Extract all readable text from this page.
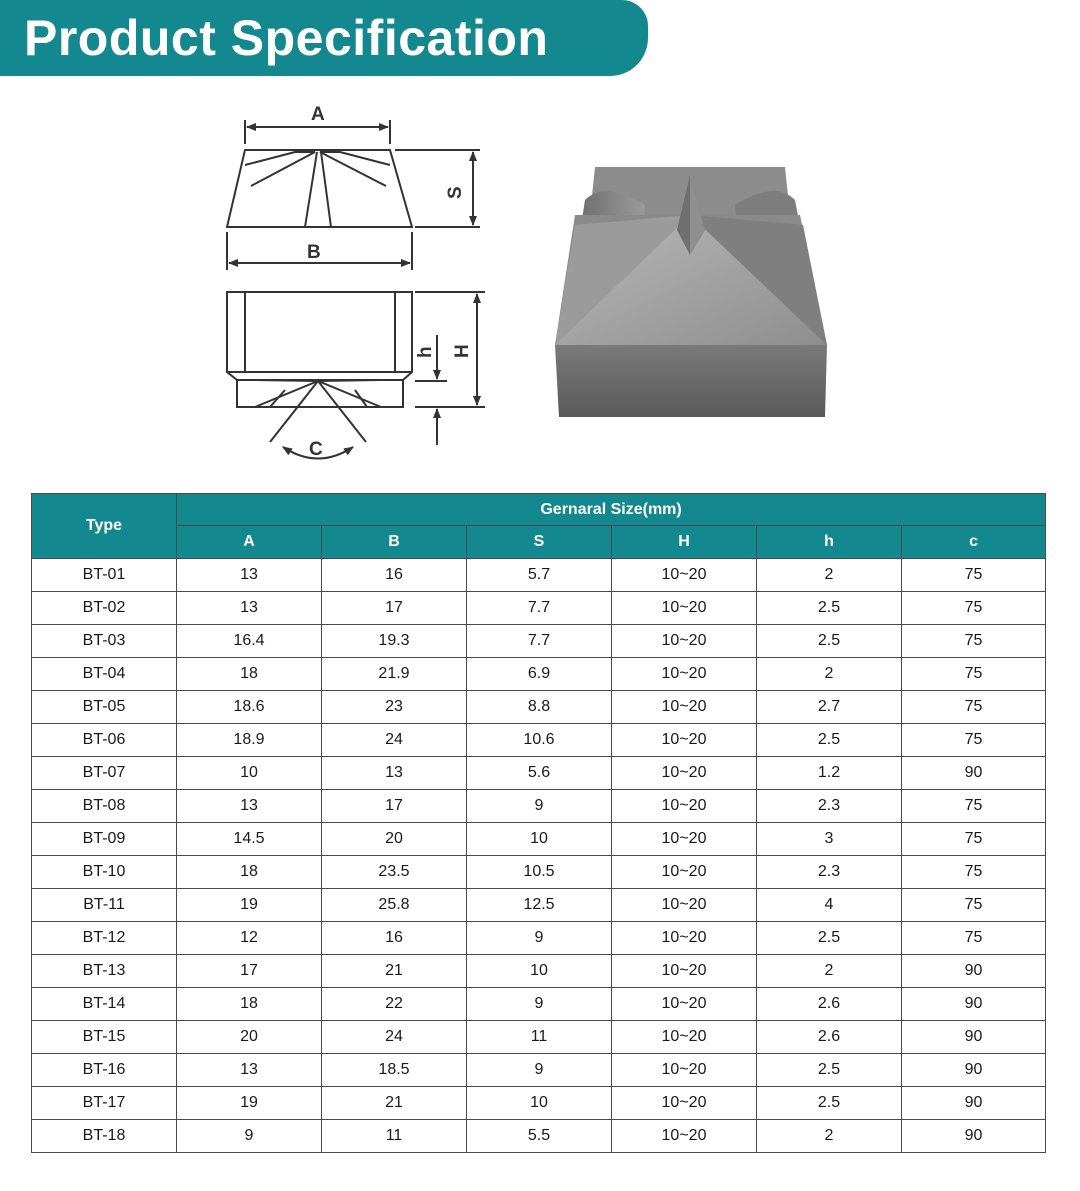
Product Specification
A
B
S
H
h
C
Type	Gernaral Size(mm)					
	A	B	S	H	h	c
BT-01	13	16	5.7	10~20	2	75
BT-02	13	17	7.7	10~20	2.5	75
BT-03	16.4	19.3	7.7	10~20	2.5	75
BT-04	18	21.9	6.9	10~20	2	75
BT-05	18.6	23	8.8	10~20	2.7	75
BT-06	18.9	24	10.6	10~20	2.5	75
BT-07	10	13	5.6	10~20	1.2	90
BT-08	13	17	9	10~20	2.3	75
BT-09	14.5	20	10	10~20	3	75
BT-10	18	23.5	10.5	10~20	2.3	75
BT-11	19	25.8	12.5	10~20	4	75
BT-12	12	16	9	10~20	2.5	75
BT-13	17	21	10	10~20	2	90
BT-14	18	22	9	10~20	2.6	90
BT-15	20	24	11	10~20	2.6	90
BT-16	13	18.5	9	10~20	2.5	90
BT-17	19	21	10	10~20	2.5	90
BT-18	9	11	5.5	10~20	2	90
